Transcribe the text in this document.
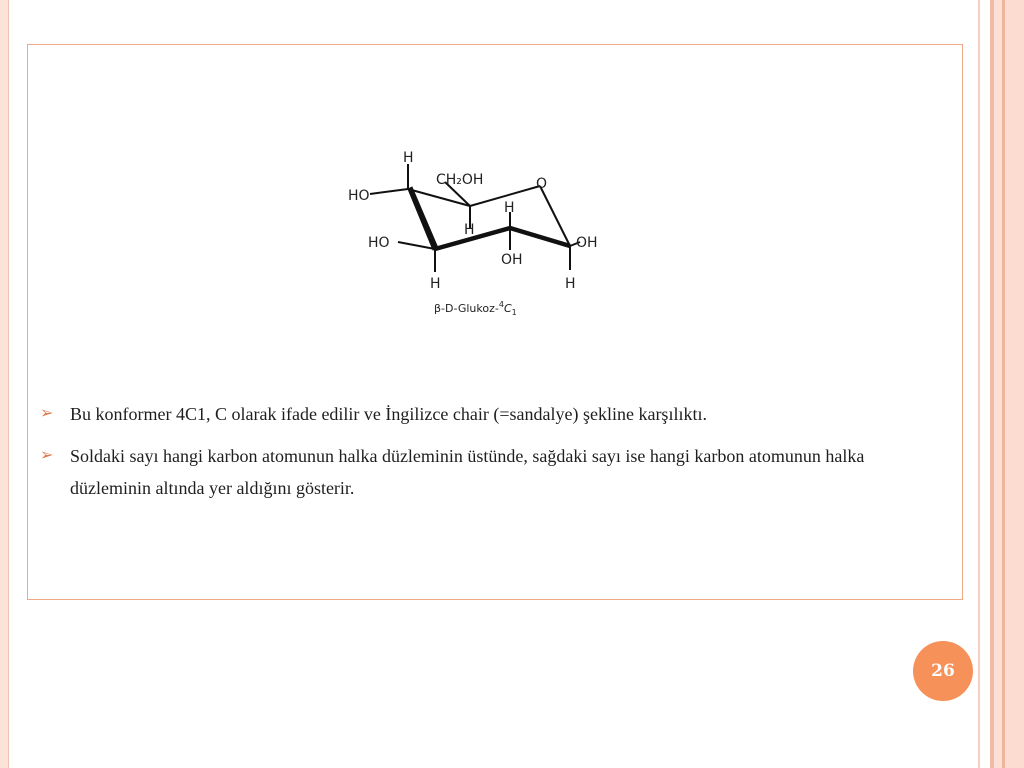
H
CH₂OH	O
HO
H
H
HO	OH
OH
H	H
$\beta-D-Glukoz-^4C_1$
➢ Bu konformer 4C1, C olarak ifade edilir ve İngilizce chair (=sandalye) şekline karşılıktı.
➢ Soldaki sayı hangi karbon atomunun halka düzleminin üstünde, sağdaki sayı ise hangi karbon atomunun halka düzleminin altında yer aldığını gösterir.
26
